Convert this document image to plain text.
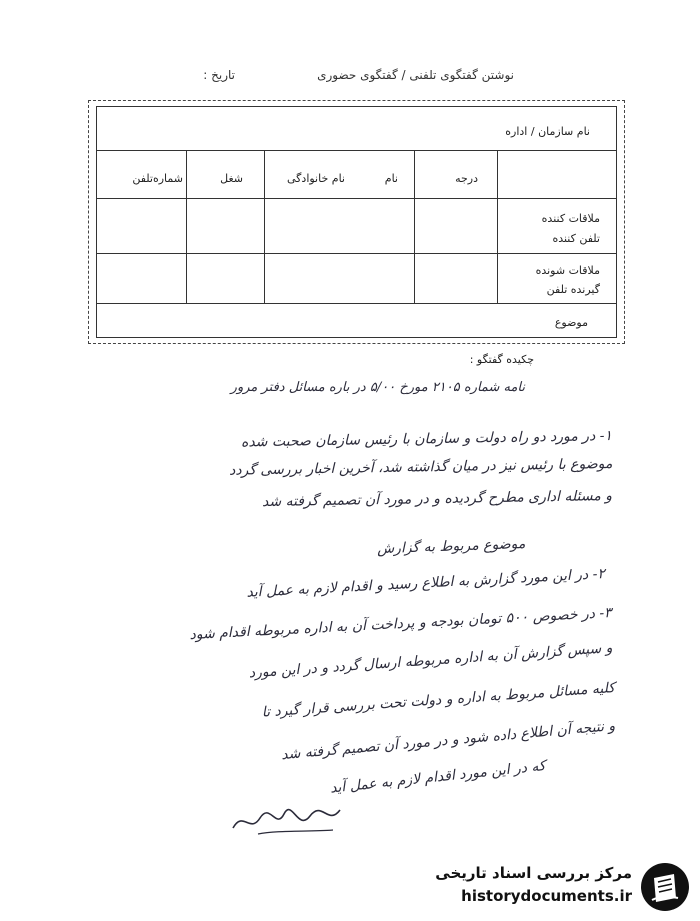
نوشتن گفتگوی تلفنی / گفتگوی حضوری
تاریخ :
نام سازمان / اداره
درجه
نام
نام خانوادگی
شغل
شماره‌تلفن
ملاقات کننده
تلفن کننده
ملاقات شونده
گیرنده تلفن
موضوع
چکیده گفتگو :
نامه شماره ۲۱۰۵ مورخ ۵/۰۰ در باره مسائل دفتر مرور
۱- در مورد دو راه دولت و سازمان با رئیس سازمان صحبت شده
موضوع با رئیس نیز در میان گذاشته شد، آخرین اخبار بررسی گردد
و مسئله اداری مطرح گردیده و در مورد آن تصمیم گرفته شد
موضوع مربوط به گزارش
۲- در این مورد گزارش به اطلاع رسید و اقدام لازم به عمل آید
۳- در خصوص ۵۰۰ تومان بودجه و پرداخت آن به اداره مربوطه اقدام شود
و سپس گزارش آن به اداره مربوطه ارسال گردد و در این مورد
کلیه مسائل مربوط به اداره و دولت تحت بررسی قرار گیرد تا
و نتیجه آن اطلاع داده شود و در مورد آن تصمیم گرفته شد
که در این مورد اقدام لازم به عمل آید
مرکز بررسی اسناد تاریخی
historydocuments.ir
